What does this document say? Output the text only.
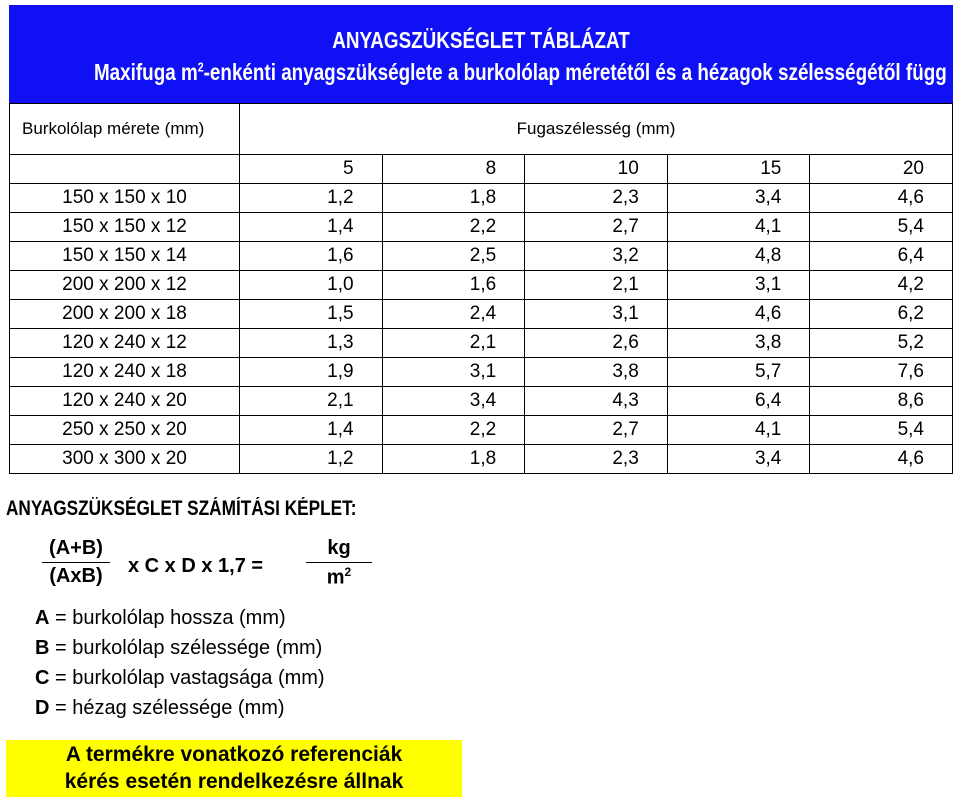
ANYAGSZÜKSÉGLET TÁBLÁZAT
Maxifuga $m^2$-enkénti anyagszükséglete a burkolólap méretétől és a hézagok szélességétől függ
Burkolólap mérete (mm)	Fugaszélesség (mm)				
	5	8	10	15	20
150 x 150 x 10	1,2	1,8	2,3	3,4	4,6
150 x 150 x 12	1,4	2,2	2,7	4,1	5,4
150 x 150 x 14	1,6	2,5	3,2	4,8	6,4
200 x 200 x 12	1,0	1,6	2,1	3,1	4,2
200 x 200 x 18	1,5	2,4	3,1	4,6	6,2
120 x 240 x 12	1,3	2,1	2,6	3,8	5,2
120 x 240 x 18	1,9	3,1	3,8	5,7	7,6
120 x 240 x 20	2,1	3,4	4,3	6,4	8,6
250 x 250 x 20	1,4	2,2	2,7	4,1	5,4
300 x 300 x 20	1,2	1,8	2,3	3,4	4,6
ANYAGSZÜKSÉGLET SZÁMÍTÁSI KÉPLET:
(A+B)
(AxB)	x C x D x 1,7 =
kg
$m^2$
A = burkolólap hossza (mm)
B = burkolólap szélessége (mm)
C = burkolólap vastagsága (mm)
D = hézag szélessége (mm)
A termékre vonatkozó referenciák
kérés esetén rendelkezésre állnak
